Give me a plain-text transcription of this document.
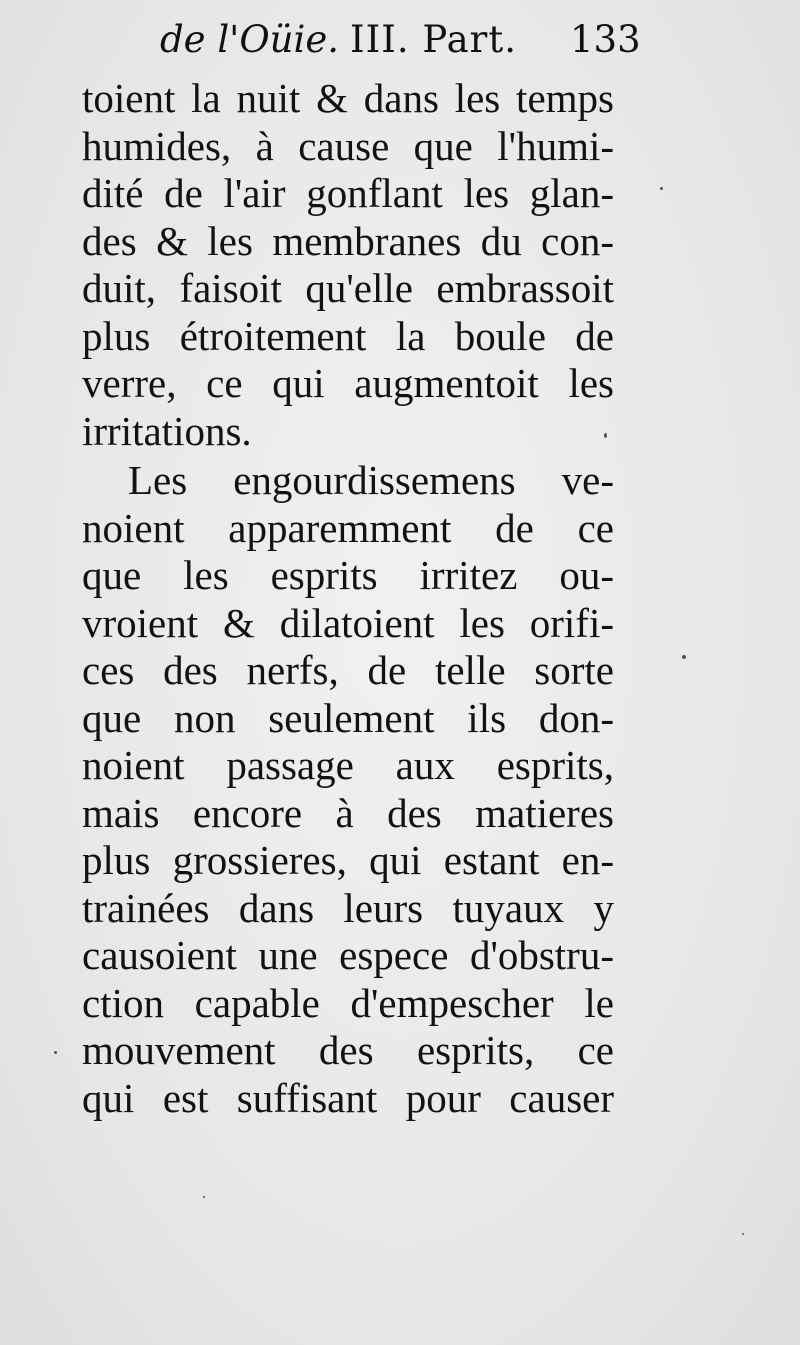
de l'Oüie. III. Part. 133
toient la nuit & dans les temps
humides, à cause que l'humi-
dité de l'air gonflant les glan-
des & les membranes du con-
duit, faisoit qu'elle embrassoit
plus étroitement la boule de
verre, ce qui augmentoit les
irritations.
Les engourdissemens ve-
noient apparemment de ce
que les esprits irritez ou-
vroient & dilatoient les orifi-
ces des nerfs, de telle sorte
que non seulement ils don-
noient passage aux esprits,
mais encore à des matieres
plus grossieres, qui estant en-
trainées dans leurs tuyaux y
causoient une espece d'obstru-
ction capable d'empescher le
mouvement des esprits, ce
qui est suffisant pour causer
